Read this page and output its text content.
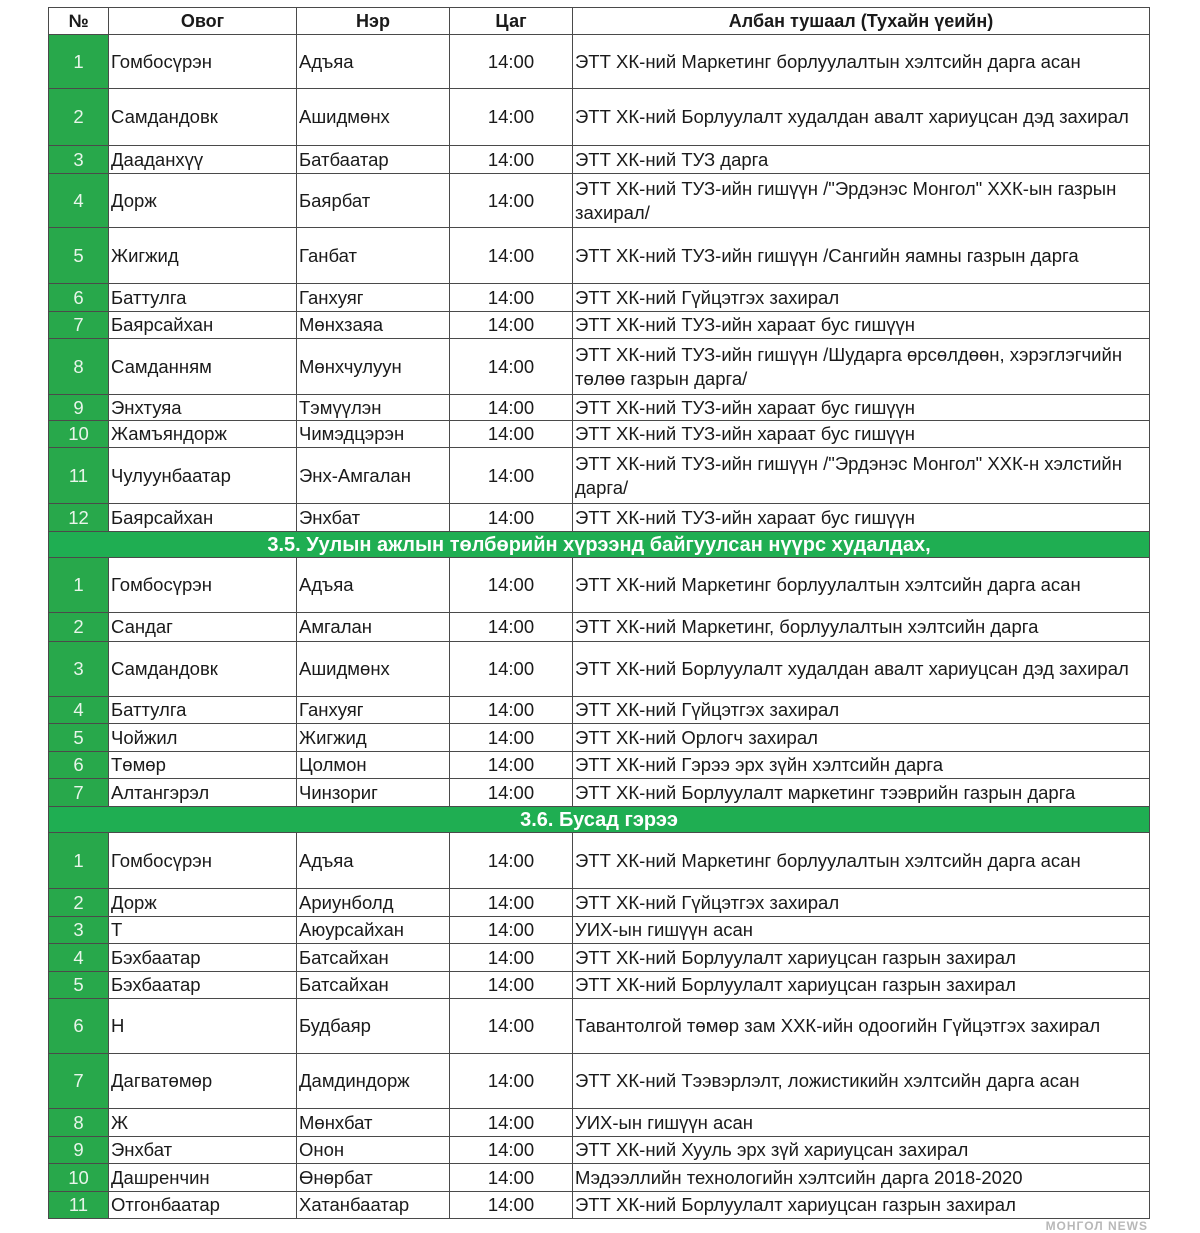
№	Овог	Нэр	Цаг	Албан тушаал (Тухайн үеийн)
1	Гомбосүрэн	Адъяа	14:00	ЭТТ ХК-ний Маркетинг борлуулалтын хэлтсийн дарга асан
2	Самдандовк	Ашидмөнх	14:00	ЭТТ ХК-ний Борлуулалт худалдан авалт хариуцсан дэд захирал
3	Дааданхүү	Батбаатар	14:00	ЭТТ ХК-ний ТУЗ дарга
4	Дорж	Баярбат	14:00	ЭТТ ХК-ний ТУЗ-ийн гишүүн /"Эрдэнэс Монгол" ХХК-ын газрын захирал/
5	Жигжид	Ганбат	14:00	ЭТТ ХК-ний ТУЗ-ийн гишүүн /Сангийн яамны газрын дарга
6	Баттулга	Ганхуяг	14:00	ЭТТ ХК-ний Гүйцэтгэх захирал
7	Баярсайхан	Мөнхзаяа	14:00	ЭТТ ХК-ний ТУЗ-ийн хараат бус гишүүн
8	Самданням	Мөнхчулуун	14:00	ЭТТ ХК-ний ТУЗ-ийн гишүүн /Шударга өрсөлдөөн, хэрэглэгчийн төлөө газрын дарга/
9	Энхтуяа	Тэмүүлэн	14:00	ЭТТ ХК-ний ТУЗ-ийн хараат бус гишүүн
10	Жамъяндорж	Чимэдцэрэн	14:00	ЭТТ ХК-ний ТУЗ-ийн хараат бус гишүүн
11	Чулуунбаатар	Энх-Амгалан	14:00	ЭТТ ХК-ний ТУЗ-ийн гишүүн /"Эрдэнэс Монгол" ХХК-н хэлстийн дарга/
12	Баярсайхан	Энхбат	14:00	ЭТТ ХК-ний ТУЗ-ийн хараат бус гишүүн
3.5. Уулын ажлын төлбөрийн хүрээнд байгуулсан нүүрс худалдах,				
1	Гомбосүрэн	Адъяа	14:00	ЭТТ ХК-ний Маркетинг борлуулалтын хэлтсийн дарга асан
2	Сандаг	Амгалан	14:00	ЭТТ ХК-ний Маркетинг, борлуулалтын хэлтсийн дарга
3	Самдандовк	Ашидмөнх	14:00	ЭТТ ХК-ний Борлуулалт худалдан авалт хариуцсан дэд захирал
4	Баттулга	Ганхуяг	14:00	ЭТТ ХК-ний Гүйцэтгэх захирал
5	Чойжил	Жигжид	14:00	ЭТТ ХК-ний Орлогч захирал
6	Төмөр	Цолмон	14:00	ЭТТ ХК-ний Гэрээ эрх зүйн хэлтсийн дарга
7	Алтангэрэл	Чинзориг	14:00	ЭТТ ХК-ний Борлуулалт маркетинг тээврийн газрын дарга
3.6. Бусад гэрээ				
1	Гомбосүрэн	Адъяа	14:00	ЭТТ ХК-ний Маркетинг борлуулалтын хэлтсийн дарга асан
2	Дорж	Ариунболд	14:00	ЭТТ ХК-ний Гүйцэтгэх захирал
3	Т	Аюурсайхан	14:00	УИХ-ын гишүүн асан
4	Бэхбаатар	Батсайхан	14:00	ЭТТ ХК-ний Борлуулалт хариуцсан газрын захирал
5	Бэхбаатар	Батсайхан	14:00	ЭТТ ХК-ний Борлуулалт хариуцсан газрын захирал
6	Н	Будбаяр	14:00	Тавантолгой төмөр зам ХХК-ийн одоогийн Гүйцэтгэх захирал
7	Дагватөмөр	Дамдиндорж	14:00	ЭТТ ХК-ний Тээвэрлэлт, ложистикийн хэлтсийн дарга асан
8	Ж	Мөнхбат	14:00	УИХ-ын гишүүн асан
9	Энхбат	Онон	14:00	ЭТТ ХК-ний Хууль эрх зүй хариуцсан захирал
10	Дашренчин	Өнөрбат	14:00	Мэдээллийн технологийн хэлтсийн дарга 2018-2020
11	Отгонбаатар	Хатанбаатар	14:00	ЭТТ ХК-ний Борлуулалт хариуцсан газрын захирал
МОНГОЛ NEWS
